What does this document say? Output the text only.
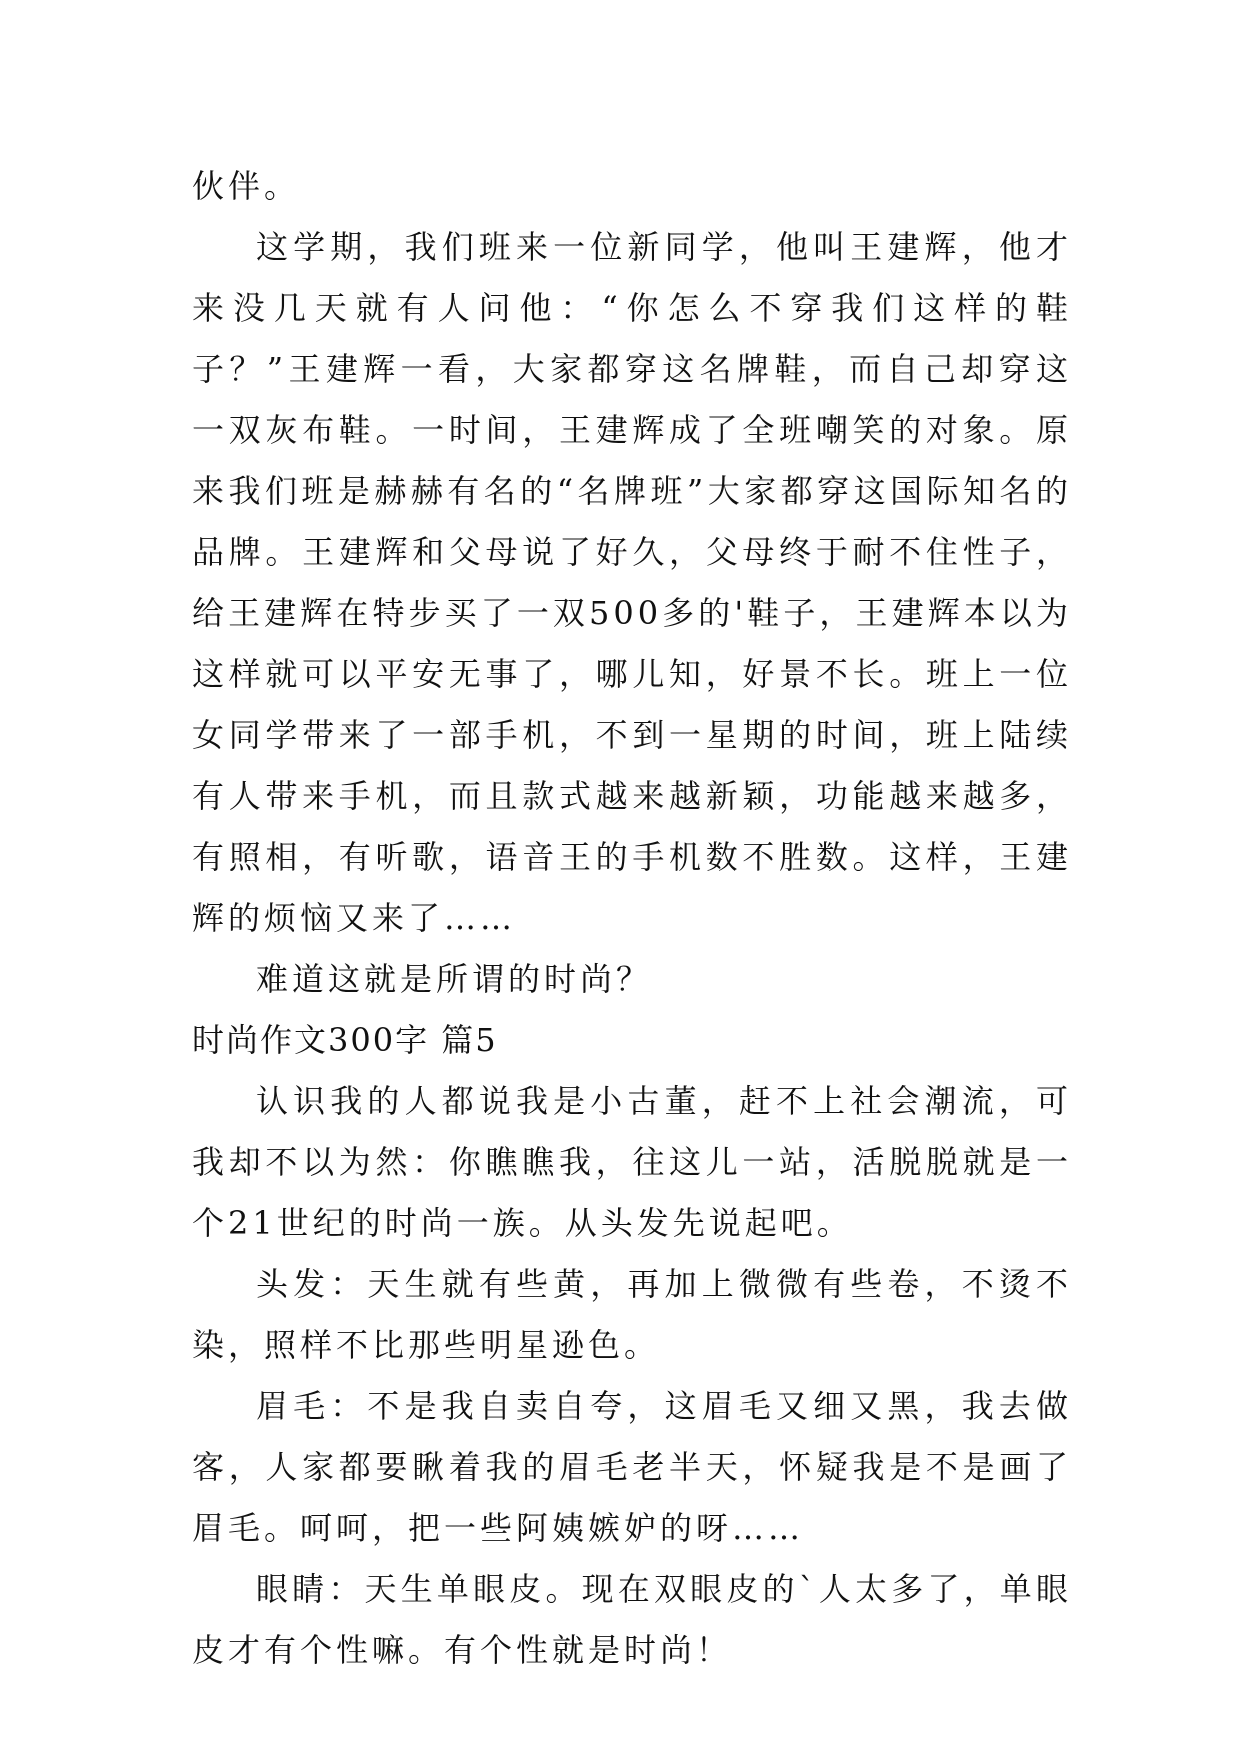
伙伴。

这学期，我们班来一位新同学，他叫王建辉，他才来没几天就有人问他：“你怎么不穿我们这样的鞋子？”王建辉一看，大家都穿这名牌鞋，而自己却穿这一双灰布鞋。一时间，王建辉成了全班嘲笑的对象。原来我们班是赫赫有名的“名牌班”大家都穿这国际知名的品牌。王建辉和父母说了好久，父母终于耐不住性子，给王建辉在特步买了一双500多的'鞋子，王建辉本以为这样就可以平安无事了，哪儿知，好景不长。班上一位女同学带来了一部手机，不到一星期的时间，班上陆续有人带来手机，而且款式越来越新颖，功能越来越多，有照相，有听歌，语音王的手机数不胜数。这样，王建辉的烦恼又来了……

难道这就是所谓的时尚？

时尚作文300字 篇5

认识我的人都说我是小古董，赶不上社会潮流，可我却不以为然：你瞧瞧我，往这儿一站，活脱脱就是一个21世纪的时尚一族。从头发先说起吧。

头发：天生就有些黄，再加上微微有些卷，不烫不染，照样不比那些明星逊色。

眉毛：不是我自卖自夸，这眉毛又细又黑，我去做客，人家都要瞅着我的眉毛老半天，怀疑我是不是画了眉毛。呵呵，把一些阿姨嫉妒的呀……

眼睛：天生单眼皮。现在双眼皮的`人太多了，单眼皮才有个性嘛。有个性就是时尚！
